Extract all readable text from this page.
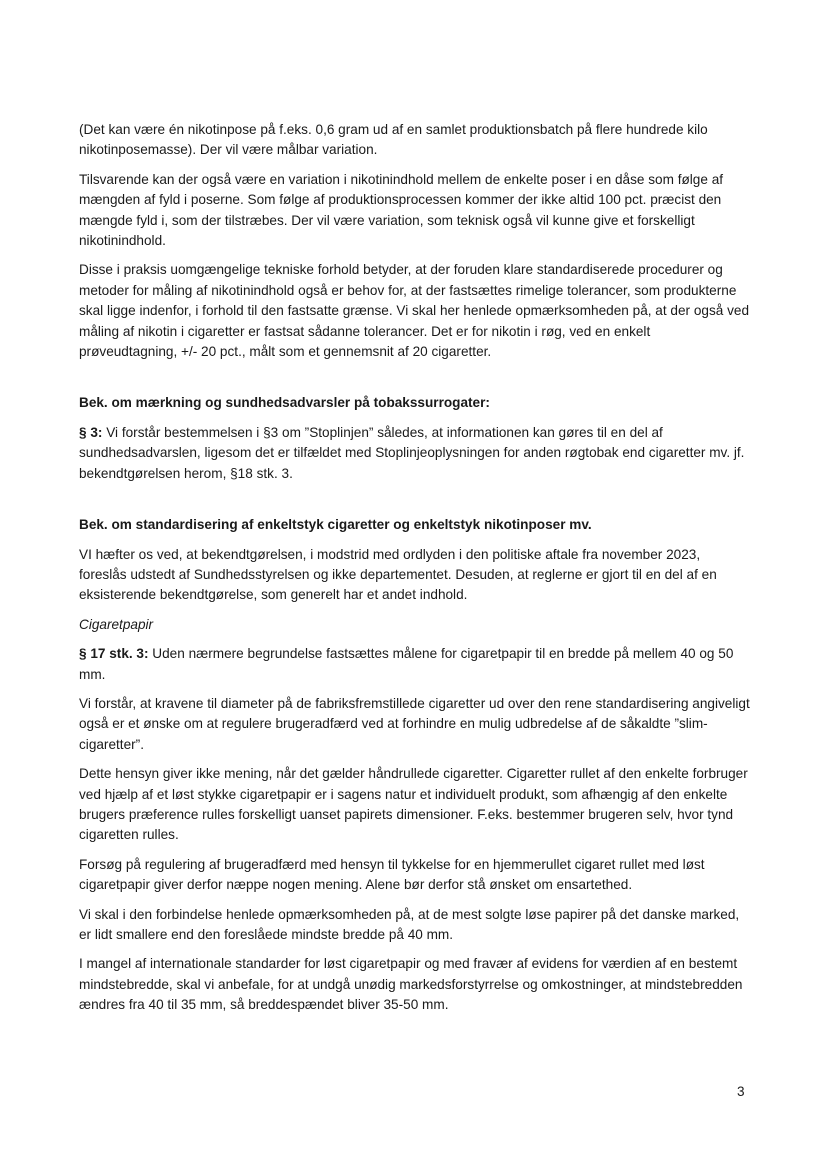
(Det kan være én nikotinpose på f.eks. 0,6 gram ud af en samlet produktionsbatch på flere hundrede kilo nikotinposemasse). Der vil være målbar variation.

Tilsvarende kan der også være en variation i nikotinindhold mellem de enkelte poser i en dåse som følge af mængden af fyld i poserne. Som følge af produktionsprocessen kommer der ikke altid 100 pct. præcist den mængde fyld i, som der tilstræbes. Der vil være variation, som teknisk også vil kunne give et forskelligt nikotinindhold.

Disse i praksis uomgængelige tekniske forhold betyder, at der foruden klare standardiserede procedurer og metoder for måling af nikotinindhold også er behov for, at der fastsættes rimelige tolerancer, som produkterne skal ligge indenfor, i forhold til den fastsatte grænse. Vi skal her henlede opmærksomheden på, at der også ved måling af nikotin i cigaretter er fastsat sådanne tolerancer. Det er for nikotin i røg, ved en enkelt prøveudtagning, +/- 20 pct., målt som et gennemsnit af 20 cigaretter.

Bek. om mærkning og sundhedsadvarsler på tobakssurrogater:

§ 3: Vi forstår bestemmelsen i §3 om ”Stoplinjen” således, at informationen kan gøres til en del af sundhedsadvarslen, ligesom det er tilfældet med Stoplinjeoplysningen for anden røgtobak end cigaretter mv. jf. bekendtgørelsen herom, §18 stk. 3.

Bek. om standardisering af enkeltstyk cigaretter og enkeltstyk nikotinposer mv.

VI hæfter os ved, at bekendtgørelsen, i modstrid med ordlyden i den politiske aftale fra november 2023, foreslås udstedt af Sundhedsstyrelsen og ikke departementet. Desuden, at reglerne er gjort til en del af en eksisterende bekendtgørelse, som generelt har et andet indhold.

Cigaretpapir

§ 17 stk. 3: Uden nærmere begrundelse fastsættes målene for cigaretpapir til en bredde på mellem 40 og 50 mm.

Vi forstår, at kravene til diameter på de fabriksfremstillede cigaretter ud over den rene standardisering angiveligt også er et ønske om at regulere brugeradfærd ved at forhindre en mulig udbredelse af de såkaldte ”slim-cigaretter”.

Dette hensyn giver ikke mening, når det gælder håndrullede cigaretter. Cigaretter rullet af den enkelte forbruger ved hjælp af et løst stykke cigaretpapir er i sagens natur et individuelt produkt, som afhængig af den enkelte brugers præference rulles forskelligt uanset papirets dimensioner. F.eks. bestemmer brugeren selv, hvor tynd cigaretten rulles.

Forsøg på regulering af brugeradfærd med hensyn til tykkelse for en hjemmerullet cigaret rullet med løst cigaretpapir giver derfor næppe nogen mening. Alene bør derfor stå ønsket om ensartethed.

Vi skal i den forbindelse henlede opmærksomheden på, at de mest solgte løse papirer på det danske marked, er lidt smallere end den foreslåede mindste bredde på 40 mm.

I mangel af internationale standarder for løst cigaretpapir og med fravær af evidens for værdien af en bestemt mindstebredde, skal vi anbefale, for at undgå unødig markedsforstyrrelse og omkostninger, at mindstebredden ændres fra 40 til 35 mm, så breddespændet bliver 35-50 mm.

3
